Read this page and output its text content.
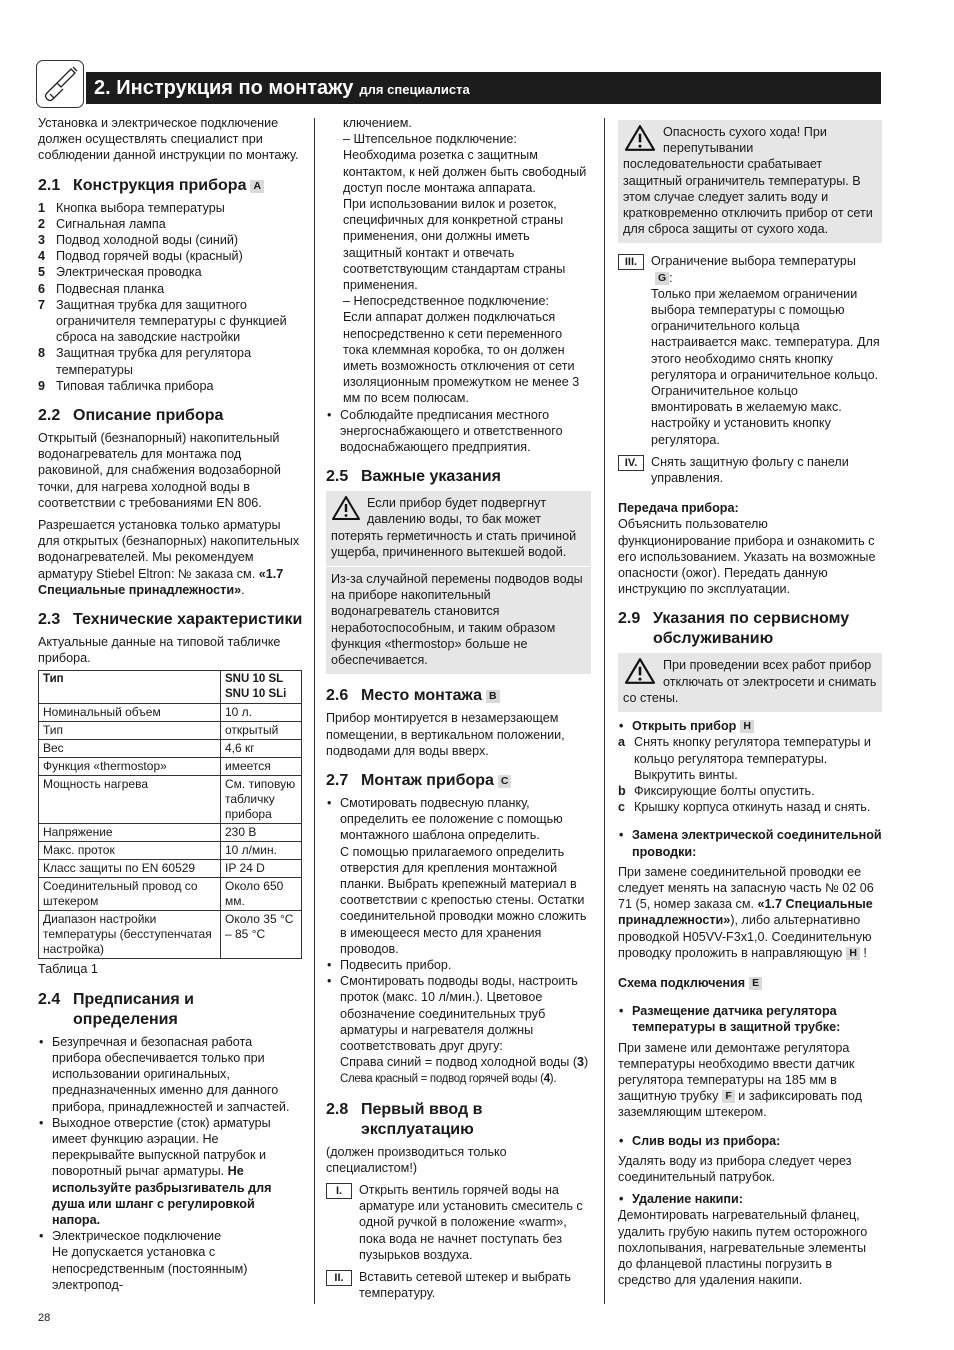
2. Инструкция по монтажу для специалиста

Установка и электрическое подключение должен осуществлять специалист при соблюдении данной инструкции по монтажу.

2.1 Конструкция прибора A
1 Кнопка выбора температуры
2 Сигнальная лампа
3 Подвод холодной воды (синий)
4 Подвод горячей воды (красный)
5 Электрическая проводка
6 Подвесная планка
7 Защитная трубка для защитного ограничителя температуры с функцией сброса на заводские настройки
8 Защитная трубка для регулятора температуры
9 Типовая табличка прибора
2.2 Описание прибора

Открытый (безнапорный) накопительный водонагреватель для монтажа под раковиной, для снабжения водозаборной точки, для нагрева холодной воды в соответствии с требованиями EN 806.

Разрешается установка только арматуры для открытых (безнапорных) накопительных водонагревателей. Мы рекомендуем арматуру Stiebel Eltron: № заказа см. «1.7 Специальные принадлежности».

2.3 Технические характеристики

Актуальные данные на типовой табличке прибора.

Тип	SNU 10 SL
SNU 10 SLi
Номинальный объем	10 л.
Тип	открытый
Вес	4,6 кг
Функция «thermostop»	имеется
Мощность нагрева	См. типовую табличку прибора
Напряжение	230 В
Макс. проток	10 л/мин.
Класс защиты по EN 60529	IP 24 D
Соединительный провод со штекером	Около 650 мм.
Диапазон настройки температуры (бесступенчатая настройка)	Около 35 °C – 85 °C

Таблица 1

2.4 Предписания и определения
• Безупречная и безопасная работа прибора обеспечивается только при использовании оригинальных, предназначенных именно для данного прибора, принадлежностей и запчастей.
• Выходное отверстие (сток) арматуры имеет функцию аэрации. Не перекрывайте выпускной патрубок и поворотный рычаг арматуры. Не используйте разбрызгиватель для душа или шланг с регулировкой напора.
• Электрическое подключение
Не допускается установка с непосредственным (постоянным) электропод-
ключением.
– Штепсельное подключение:
Необходима розетка с защитным контактом, к ней должен быть свободный доступ после монтажа аппарата.
При использовании вилок и розеток, специфичных для конкретной страны применения, они должны иметь защитный контакт и отвечать соответствующим стандартам страны применения.
– Непосредственное подключение:
Если аппарат должен подключаться непосредственно к сети переменного тока клеммная коробка, то он должен иметь возможность отключения от сети изоляционным промежутком не менее 3 мм по всем полюсам.
• Соблюдайте предписания местного энергоснабжающего и ответственного водоснабжающего предприятия.
2.5 Важные указания

Если прибор будет подвергнут давлению воды, то бак может потерять герметичность и стать причиной ущерба, причиненного вытекшей водой.

Из-за случайной перемены подводов воды на приборе накопительный водонагреватель становится неработоспособным, и таким образом функция «thermostop» больше не обеспечивается.

2.6 Место монтажа B

Прибор монтируется в незамерзающем помещении, в вертикальном положении, подводами для воды вверх.

2.7 Монтаж прибора C
• Смотировать подвесную планку, определить ее положение с помощью монтажного шаблона определить.
С помощью прилагаемого определить отверстия для крепления монтажной планки. Выбрать крепежный материал в соответствии с крепостью стены. Остатки соединительной проводки можно сложить в имеющееся место для хранения проводов.
• Подвесить прибор.
• Смонтировать подводы воды, настроить проток (макс. 10 л/мин.). Цветовое обозначение соединительных труб арматуры и нагревателя должны соответствовать друг другу:
Справа синий = подвод холодной воды (3)
Слева красный = подвод горячей воды (4).
2.8 Первый ввод в эксплуатацию

(должен производиться только специалистом!)

I.	Открыть вентиль горячей воды на арматуре или установить смеситель с одной ручкой в положение «warm», пока вода не начнет поступать без пузырьков воздуха.
II.	Вставить сетевой штекер и выбрать температуру.

Опасность сухого хода! При перепутывании последовательности срабатывает защитный ограничитель температуры. В этом случае следует залить воду и кратковременно отключить прибор от сети для сброса защиты от сухого хода.

III.	Ограничение выбора температуры
G :
Только при желаемом ограничении выбора температуры с помощью ограничительного кольца настраивается макс. температура. Для этого необходимо снять кнопку регулятора и ограничительное кольцо. Ограничительное кольцо вмонтировать в желаемую макс. настройку и установить кнопку регулятора.
IV.	Снять защитную фольгу с панели управления.
Передача прибора:

Объяснить пользователю функционирование прибора и ознакомить с его использованием. Указать на возможные опасности (ожог). Передать данную инструкцию по эксплуатации.

2.9 Указания по сервисному обслуживанию

При проведении всех работ прибор отключать от электросети и снимать со стены.

• Открыть прибор H
a Снять кнопку регулятора температуры и кольцо регулятора температуры. Выкрутить винты.
b Фиксирующие болты опустить.
c Крышку корпуса откинуть назад и снять.
• Замена электрической соединительной проводки:

При замене соединительной проводки ее следует менять на запасную часть № 02 06 71 (5, номер заказа см. «1.7 Специальные принадлежности»), либо альтернативно проводкой H05VV-F3x1,0. Соединительную проводку проложить в направляющую H !

Схема подключения E
• Размещение датчика регулятора температуры в защитной трубке:

При замене или демонтаже регулятора температуры необходимо ввести датчик регулятора температуры на 185 мм в защитную трубку F и зафиксировать под заземляющим штекером.

• Слив воды из прибора:

Удалять воду из прибора следует через соединительный патрубок.

• Удаление накипи:

Демонтировать нагревательный фланец, удалить грубую накипь путем осторожного похлопывания, нагревательные элементы до фланцевой пластины погрузить в средство для удаления накипи.

28
